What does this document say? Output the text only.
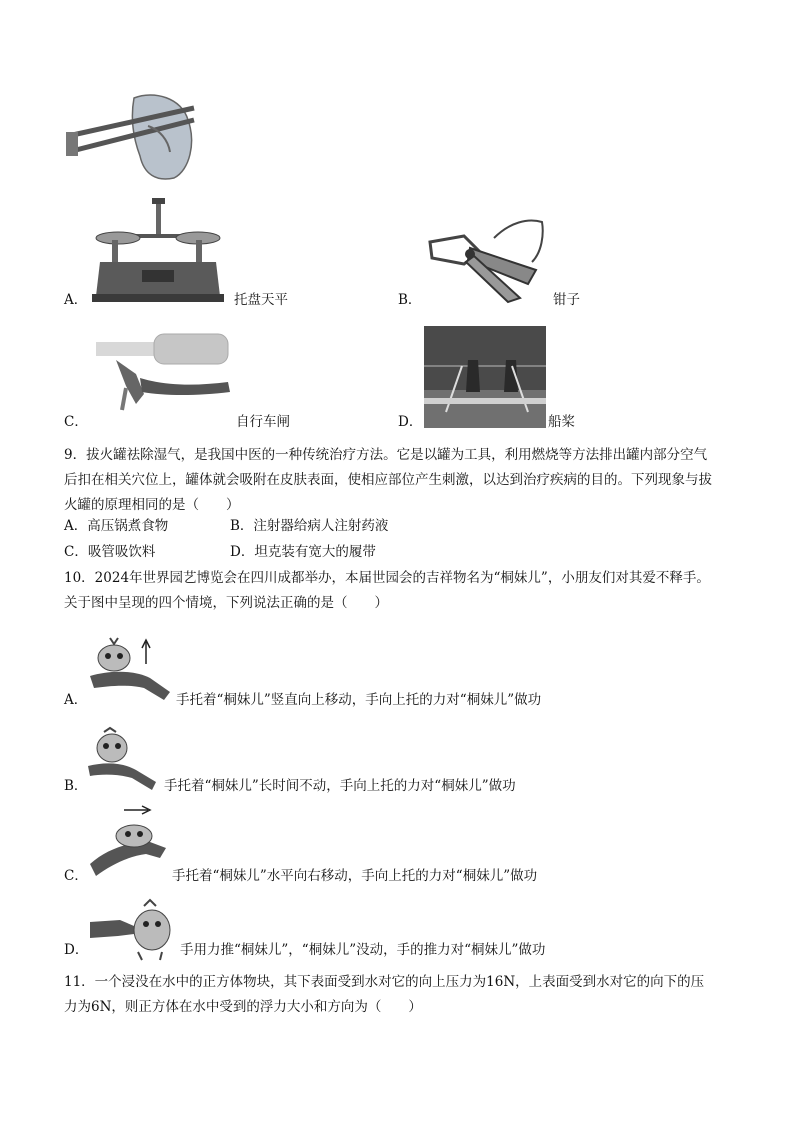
A．	托盘天平	B．	钳子
C．	自行车闸	D．	船桨
9．拔火罐祛除湿气，是我国中医的一种传统治疗方法。它是以罐为工具，利用燃烧等方法排出罐内部分空气
后扣在相关穴位上，罐体就会吸附在皮肤表面，使相应部位产生刺激，以达到治疗疾病的目的。下列现象与拔
火罐的原理相同的是（　　）
A．高压锅煮食物	B．注射器给病人注射药液
C．吸管吸饮料	D．坦克装有宽大的履带
10．2024年世界园艺博览会在四川成都举办，本届世园会的吉祥物名为“桐妹儿”，小朋友们对其爱不释手。
关于图中呈现的四个情境，下列说法正确的是（　　）
A．	手托着“桐妹儿”竖直向上移动，手向上托的力对“桐妹儿”做功
B．	手托着“桐妹儿”长时间不动，手向上托的力对“桐妹儿”做功
C．	手托着“桐妹儿”水平向右移动，手向上托的力对“桐妹儿”做功
D．	手用力推“桐妹儿”，“桐妹儿”没动，手的推力对“桐妹儿”做功
11．一个浸没在水中的正方体物块，其下表面受到水对它的向上压力为16N，上表面受到水对它的向下的压
力为6N，则正方体在水中受到的浮力大小和方向为（　　）
